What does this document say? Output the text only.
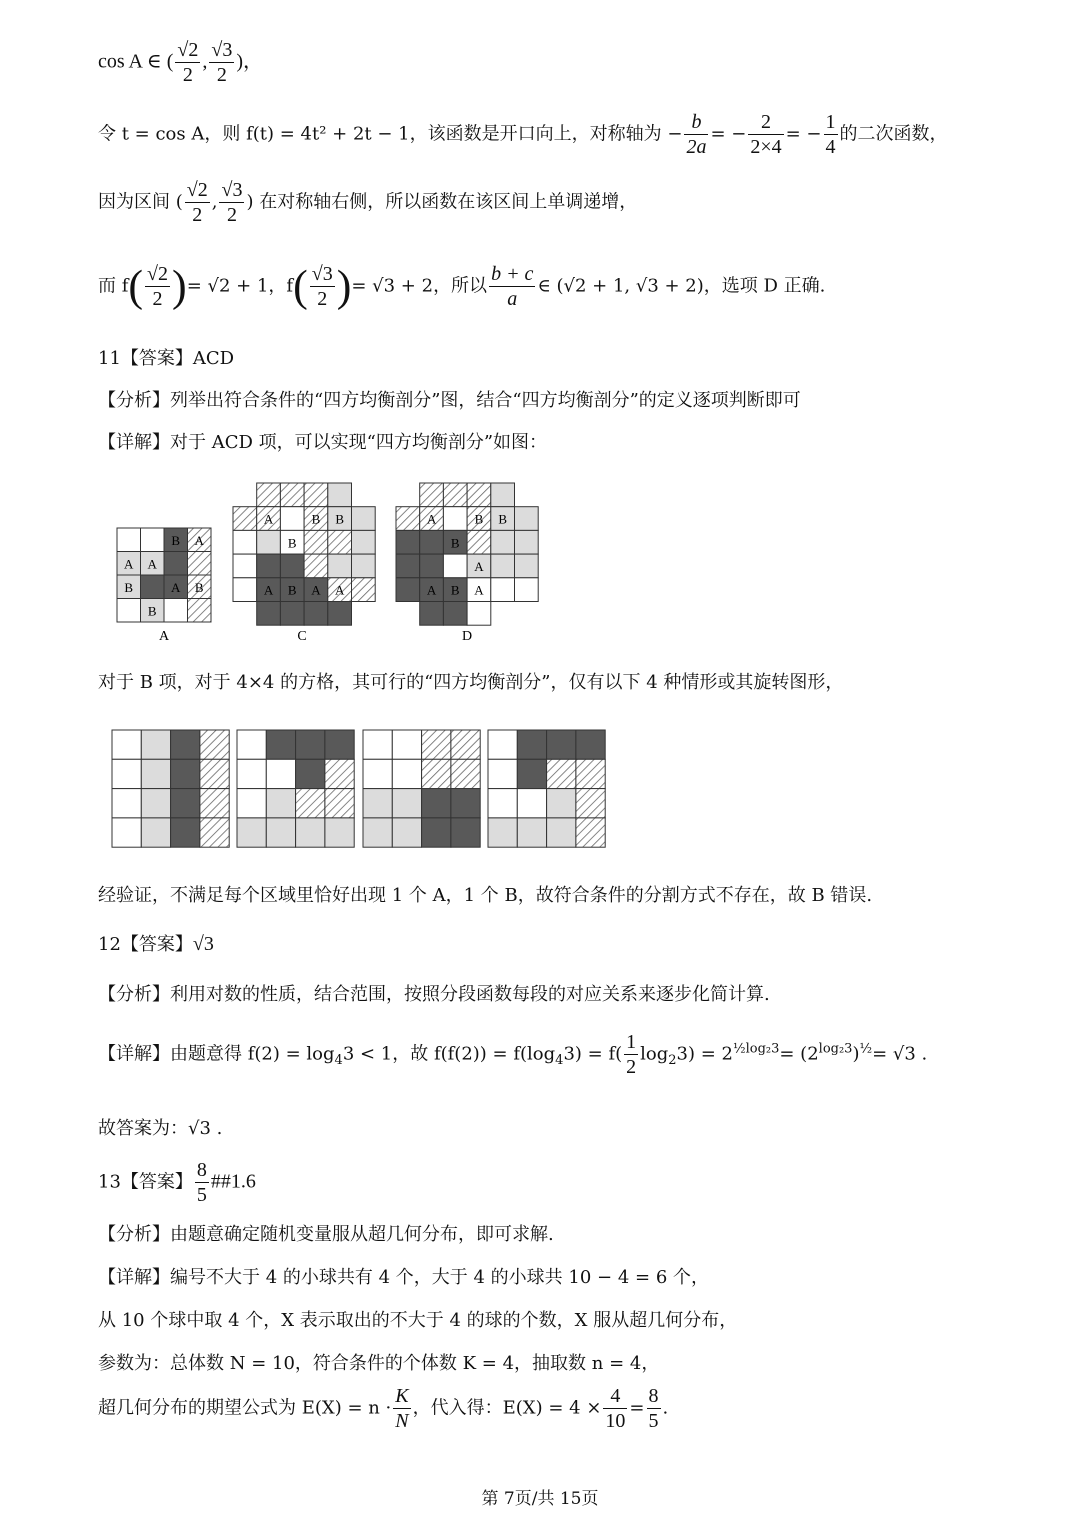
cos A ∈ ( $\frac{√2}{2}$ , $\frac{√3}{2}$ )，
令 t = cos A，则 f(t) = 4t² + 2t − 1，该函数是开口向上，对称轴为 − $\frac{b}{2a}$ = − $\frac{2}{2\times 4}$ = − $\frac{1}{4}$ 的二次函数，
因为区间 ( $\frac{√2}{2}$ , $\frac{√3}{2}$ ) 在对称轴右侧，所以函数在该区间上单调递增，
而 $f( \frac{√2}{2}$ )= √2 + 1，$f( \frac{√3}{2}$ )= √3 + 2，所以 $\frac{b + c}{a}$ ∈ (√2 + 1, √3 + 2)，选项 D 正确.
11【答案】ACD
【分析】列举出符合条件的“四方均衡剖分”图，结合“四方均衡剖分”的定义逐项判断即可
【详解】对于 ACD 项，可以实现“四方均衡剖分”如图：
B A
A A
B	A B
B
A	B B
B
A B A A
A	B B
B
A
A B A
A	C	D
对于 B 项，对于 4×4 的方格，其可行的“四方均衡剖分”，仅有以下 4 种情形或其旋转图形，
经验证，不满足每个区域里恰好出现 1 个 A，1 个 B，故符合条件的分割方式不存在，故 B 错误.
12【答案】√3
【分析】利用对数的性质，结合范围，按照分段函数每段的对应关系来逐步化简计算.
【详解】由题意得 $f(2) = \log_43 < 1$，故 $f(f(2)) = f(\log_43) = f( \frac{1}{2} \log_23) = 2^{\frac{1}{2}log_23}= (2^{log_23})^{\frac{1}{2}}= √3$ .
故答案为：√3 .
13【答案】 $\frac{8}{5}$ ##1.6
【分析】由题意确定随机变量服从超几何分布，即可求解.
【详解】编号不大于 4 的小球共有 4 个，大于 4 的小球共 10 − 4 = 6 个，
从 10 个球中取 4 个，X 表示取出的不大于 4 的球的个数，X 服从超几何分布，
参数为：总体数 N = 10，符合条件的个体数 K = 4，抽取数 n = 4，
超几何分布的期望公式为 $E(X) = n \cdot \frac{K}{N}$ ，代入得：$E(X) = 4 \times \frac{4}{10} = \frac{8}{5}$ .
第 7页/共 15页
